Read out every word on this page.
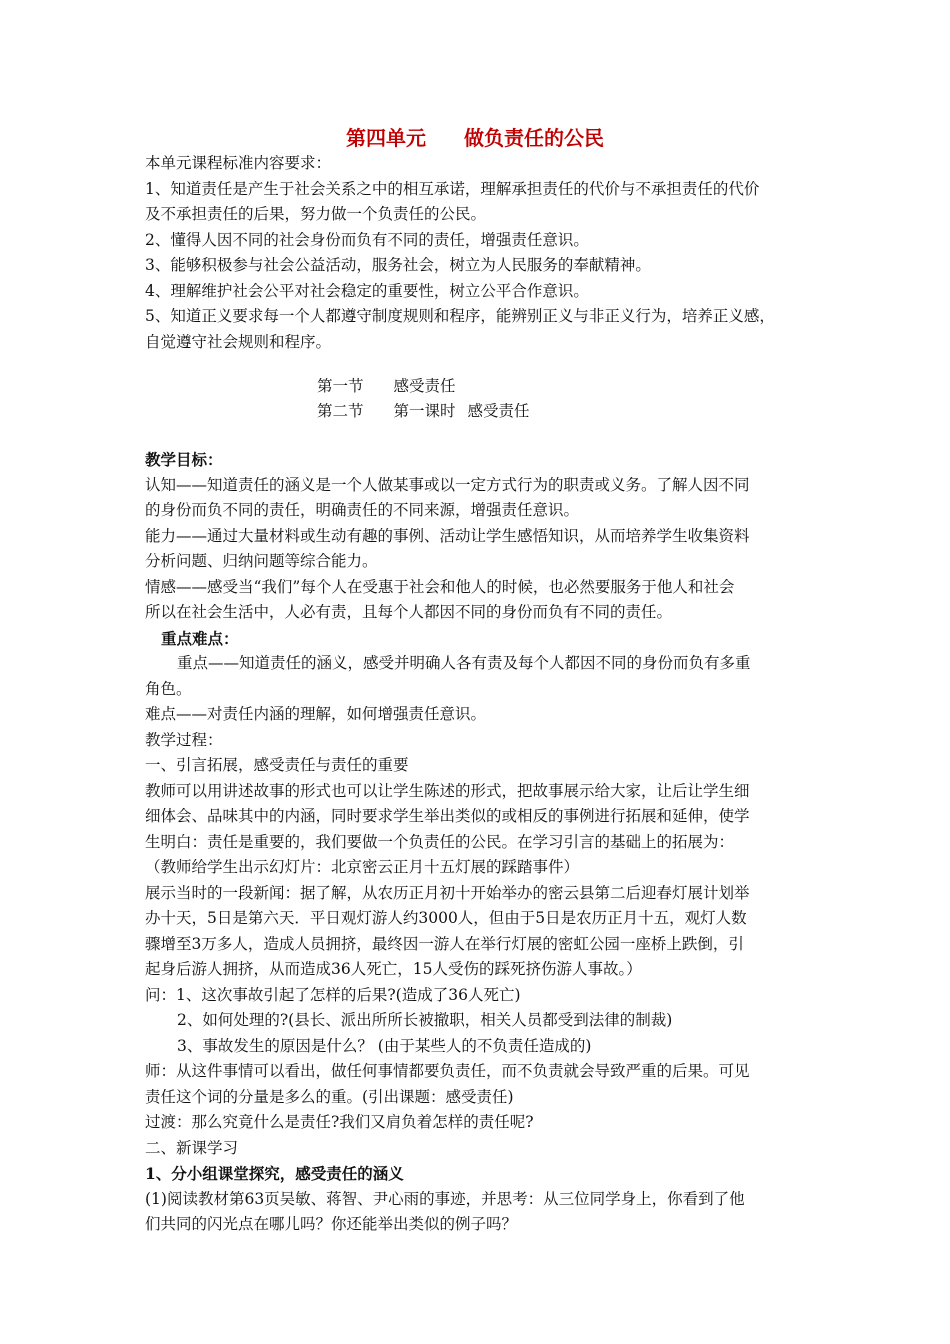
第四单元 做负责任的公民

本单元课程标准内容要求：

1、知道责任是产生于社会关系之中的相互承诺，理解承担责任的代价与不承担责任的代价

及不承担责任的后果，努力做一个负责任的公民。

2、懂得人因不同的社会身份而负有不同的责任，增强责任意识。

3、能够积极参与社会公益活动，服务社会，树立为人民服务的奉献精神。

4、理解维护社会公平对社会稳定的重要性，树立公平合作意识。

5、知道正义要求每一个人都遵守制度规则和程序，能辨别正义与非正义行为，培养正义感，

自觉遵守社会规则和程序。

第一节 感受责任
第二节 第一课时 感受责任

教学目标：

认知——知道责任的涵义是一个人做某事或以一定方式行为的职责或义务。了解人因不同

的身份而负不同的责任，明确责任的不同来源，增强责任意识。

能力——通过大量材料或生动有趣的事例、活动让学生感悟知识，从而培养学生收集资料

分析问题、归纳问题等综合能力。

情感——感受当“我们”每个人在受惠于社会和他人的时候，也必然要服务于他人和社会

所以在社会生活中，人必有责，且每个人都因不同的身份而负有不同的责任。

重点难点：

重点——知道责任的涵义，感受并明确人各有责及每个人都因不同的身份而负有多重

角色。

难点——对责任内涵的理解，如何增强责任意识。

教学过程：

一、引言拓展，感受责任与责任的重要

教师可以用讲述故事的形式也可以让学生陈述的形式，把故事展示给大家，让后让学生细

细体会、品味其中的内涵，同时要求学生举出类似的或相反的事例进行拓展和延伸，使学

生明白：责任是重要的，我们要做一个负责任的公民。在学习引言的基础上的拓展为：

（教师给学生出示幻灯片：北京密云正月十五灯展的踩踏事件）

展示当时的一段新闻：据了解，从农历正月初十开始举办的密云县第二后迎春灯展计划举

办十天，5日是第六天．平日观灯游人约3000人，但由于5日是农历正月十五，观灯人数

骤增至3万多人，造成人员拥挤，最终因一游人在举行灯展的密虹公园一座桥上跌倒，引

起身后游人拥挤，从而造成36人死亡，15人受伤的踩死挤伤游人事故。）

问：1、这次事故引起了怎样的后果?(造成了36人死亡)

2、如何处理的?(县长、派出所所长被撤职，相关人员都受到法律的制裁)

3、事故发生的原因是什么？ (由于某些人的不负责任造成的)

师：从这件事情可以看出，做任何事情都要负责任，而不负责就会导致严重的后果。可见

责任这个词的分量是多么的重。(引出课题：感受责任)

过渡：那么究竟什么是责任?我们又肩负着怎样的责任呢?

二、新课学习

1、分小组课堂探究，感受责任的涵义

(1)阅读教材第63页吴敏、蒋智、尹心雨的事迹，并思考：从三位同学身上，你看到了他

们共同的闪光点在哪儿吗？你还能举出类似的例子吗？
